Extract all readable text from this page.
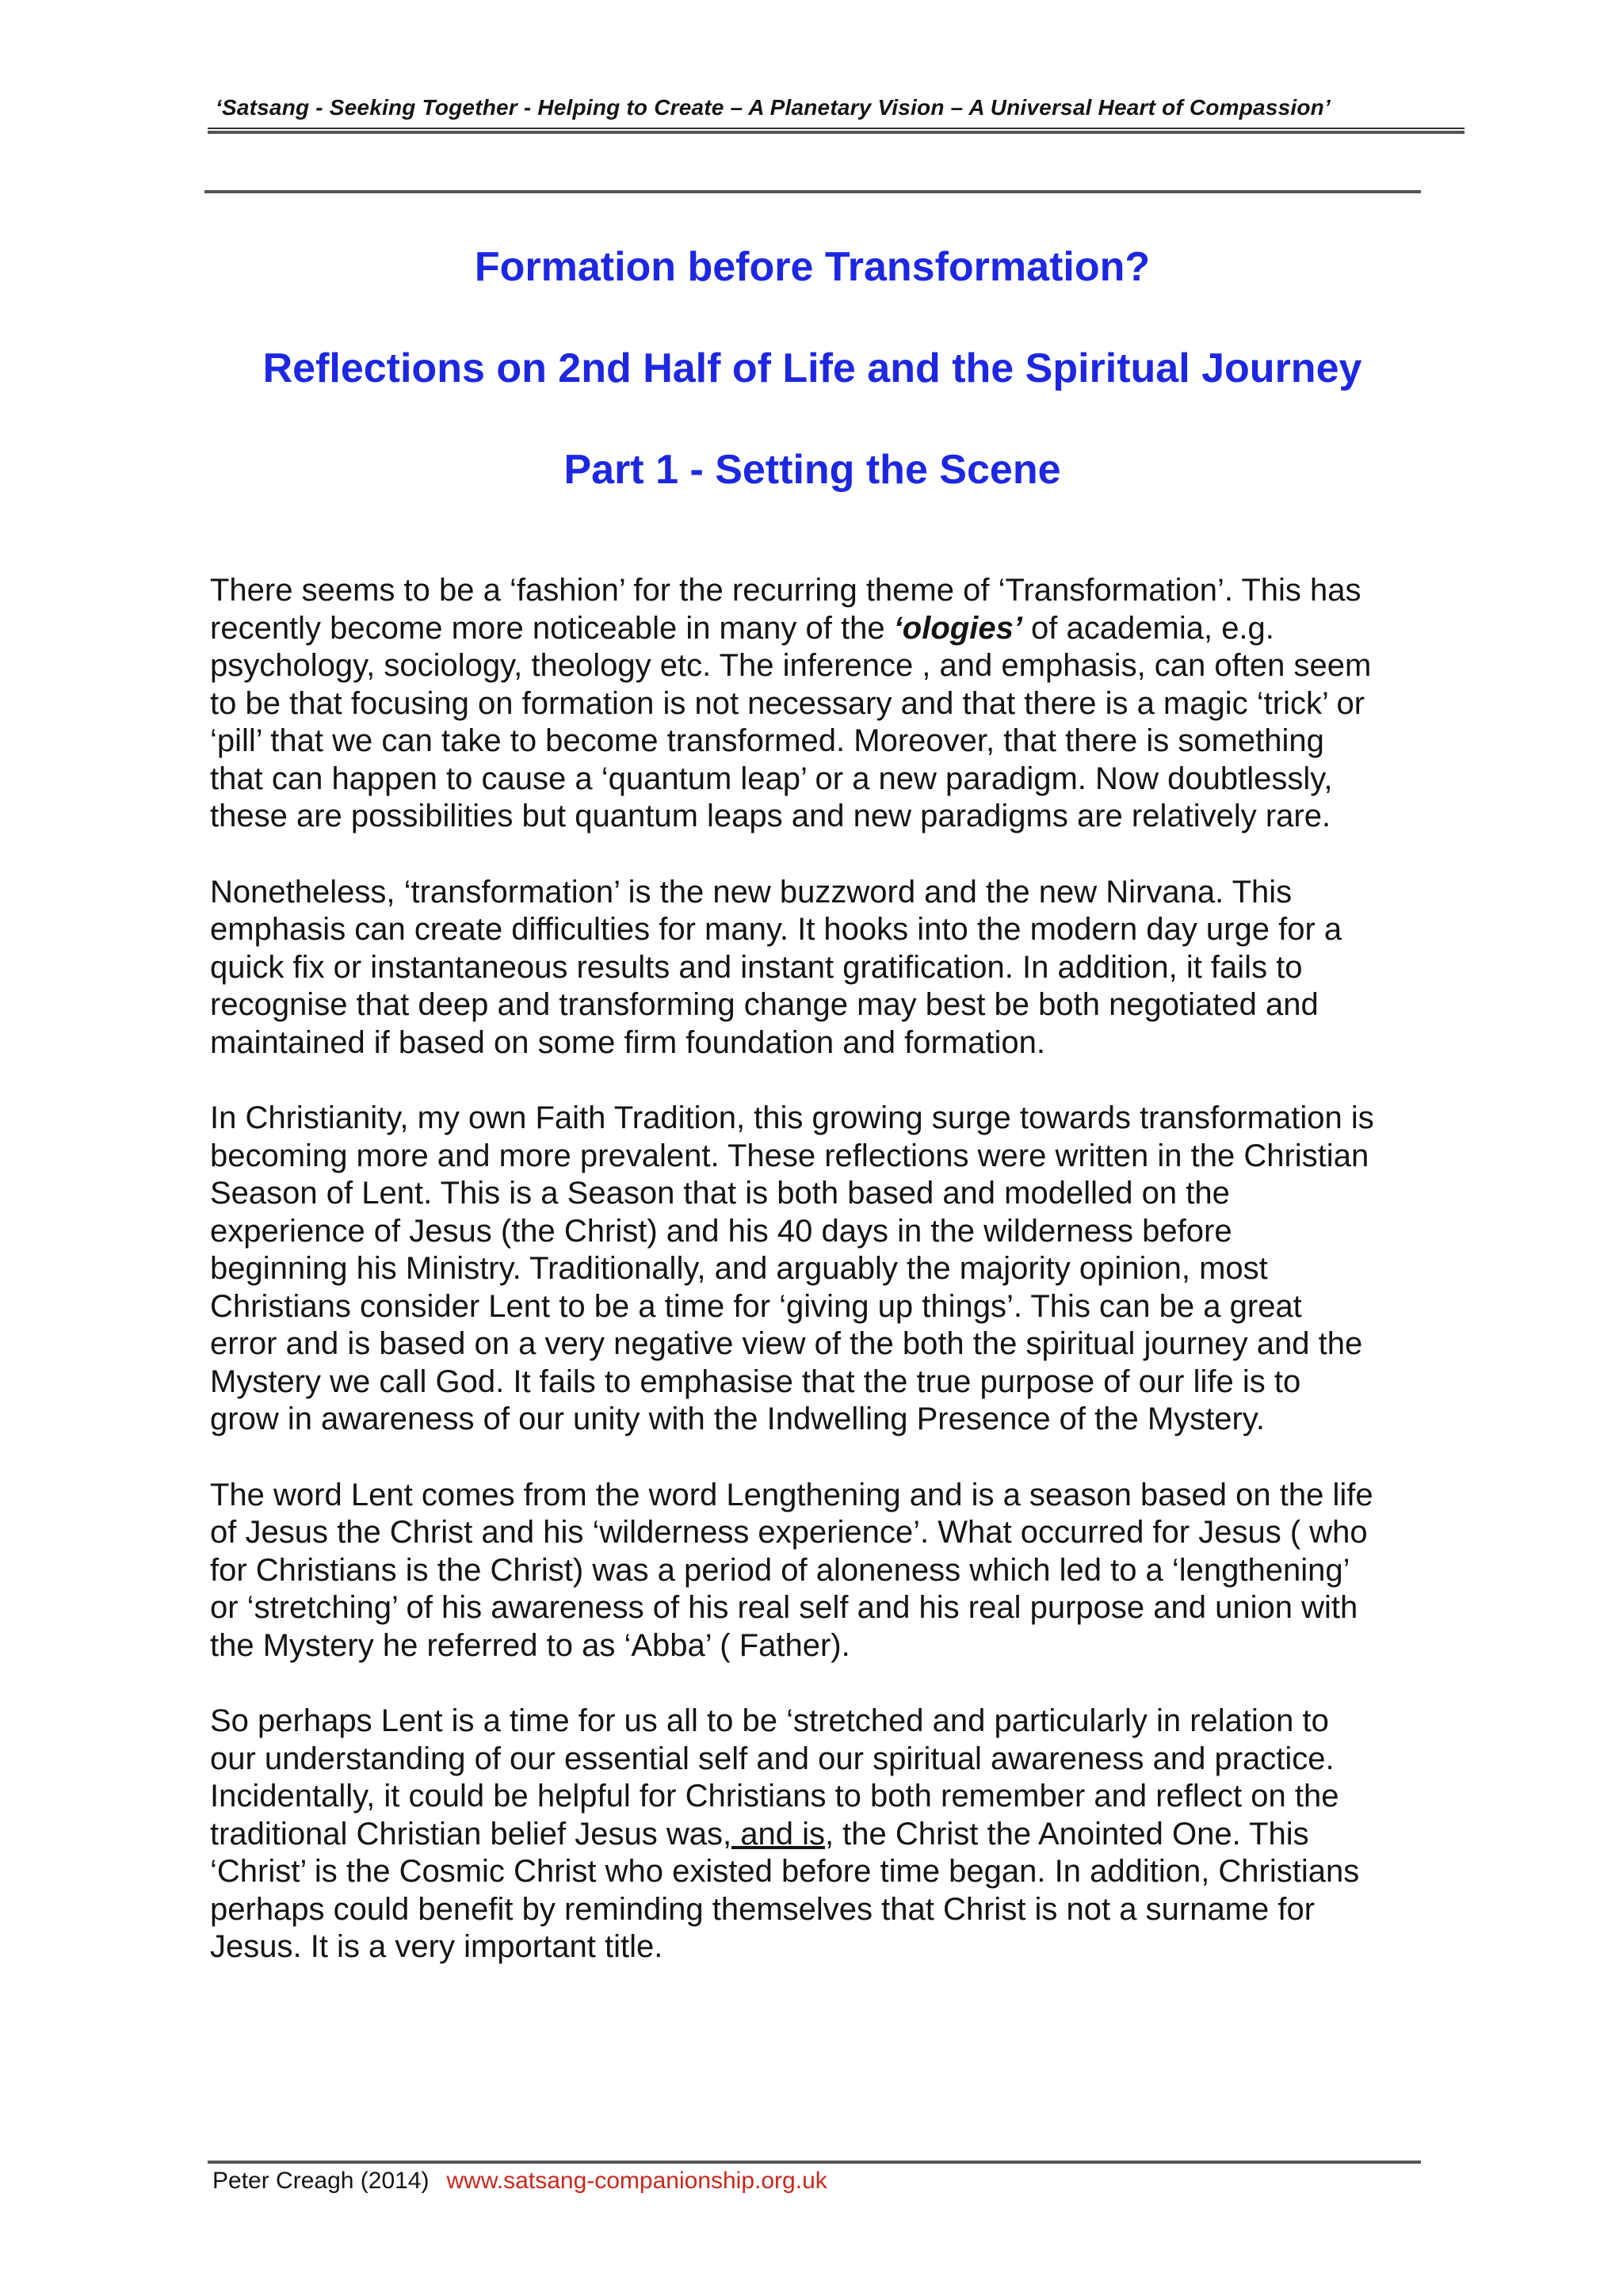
‘Satsang - Seeking Together - Helping to Create – A Planetary Vision – A Universal Heart of Compassion’
Formation before Transformation?
Reflections on 2nd Half of Life and the Spiritual Journey
Part 1 - Setting the Scene

There seems to be a ‘fashion’ for the recurring theme of ‘Transformation’. This has
recently become more noticeable in many of the ‘ologies’ of academia, e.g.
psychology, sociology, theology etc. The inference , and emphasis, can often seem
to be that focusing on formation is not necessary and that there is a magic ‘trick’ or
‘pill’ that we can take to become transformed. Moreover, that there is something
that can happen to cause a ‘quantum leap’ or a new paradigm. Now doubtlessly,
these are possibilities but quantum leaps and new paradigms are relatively rare.

Nonetheless, ‘transformation’ is the new buzzword and the new Nirvana. This
emphasis can create difficulties for many. It hooks into the modern day urge for a
quick fix or instantaneous results and instant gratification. In addition, it fails to
recognise that deep and transforming change may best be both negotiated and
maintained if based on some firm foundation and formation.

In Christianity, my own Faith Tradition, this growing surge towards transformation is
becoming more and more prevalent. These reflections were written in the Christian
Season of Lent. This is a Season that is both based and modelled on the
experience of Jesus (the Christ) and his 40 days in the wilderness before
beginning his Ministry. Traditionally, and arguably the majority opinion, most
Christians consider Lent to be a time for ‘giving up things’. This can be a great
error and is based on a very negative view of the both the spiritual journey and the
Mystery we call God. It fails to emphasise that the true purpose of our life is to
grow in awareness of our unity with the Indwelling Presence of the Mystery.

The word Lent comes from the word Lengthening and is a season based on the life
of Jesus the Christ and his ‘wilderness experience’. What occurred for Jesus ( who
for Christians is the Christ) was a period of aloneness which led to a ‘lengthening’
or ‘stretching’ of his awareness of his real self and his real purpose and union with
the Mystery he referred to as ‘Abba’ ( Father).

So perhaps Lent is a time for us all to be ‘stretched and particularly in relation to
our understanding of our essential self and our spiritual awareness and practice.
Incidentally, it could be helpful for Christians to both remember and reflect on the
traditional Christian belief Jesus was, and is, the Christ the Anointed One. This
‘Christ’ is the Cosmic Christ who existed before time began. In addition, Christians
perhaps could benefit by reminding themselves that Christ is not a surname for
Jesus. It is a very important title.

Peter Creagh (2014) www.satsang-companionship.org.uk
